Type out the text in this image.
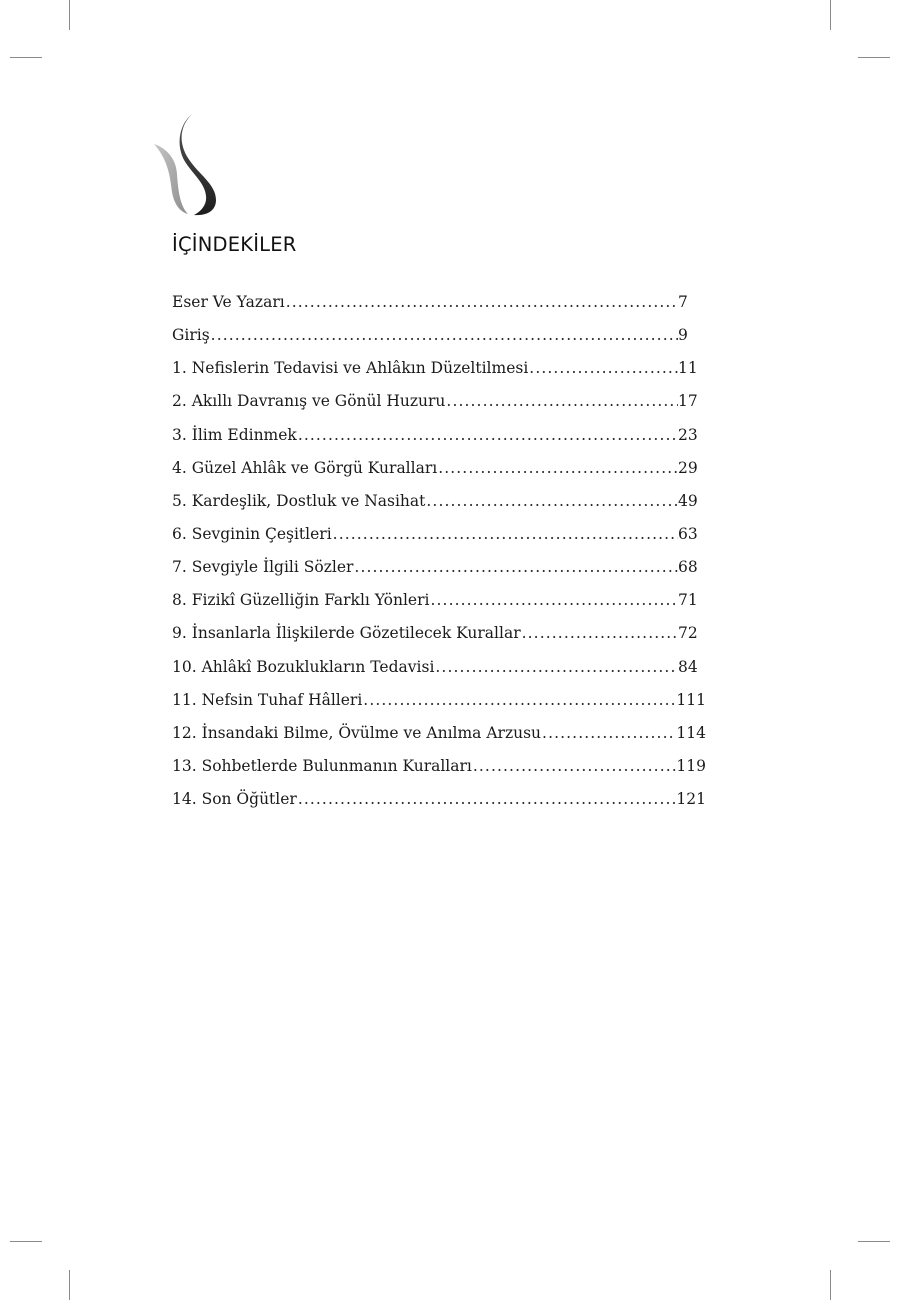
İÇİNDEKİLER
Eser Ve Yazarı .....	7
Giriş .....	9
1. Nefislerin Tedavisi ve Ahlâkın Düzeltilmesi .....	11
2. Akıllı Davranış ve Gönül Huzuru .....	17
3. İlim Edinmek .....	23
4. Güzel Ahlâk ve Görgü Kuralları .....	29
5. Kardeşlik, Dostluk ve Nasihat .....	49
6. Sevginin Çeşitleri .....	63
7. Sevgiyle İlgili Sözler .....	68
8. Fizikî Güzelliğin Farklı Yönleri .....	71
9. İnsanlarla İlişkilerde Gözetilecek Kurallar .....	72
10. Ahlâkî Bozuklukların Tedavisi .....	84
11. Nefsin Tuhaf Hâlleri .....	111
12. İnsandaki Bilme, Övülme ve Anılma Arzusu .....	114
13. Sohbetlerde Bulunmanın Kuralları .....	119
14. Son Öğütler .....	121
